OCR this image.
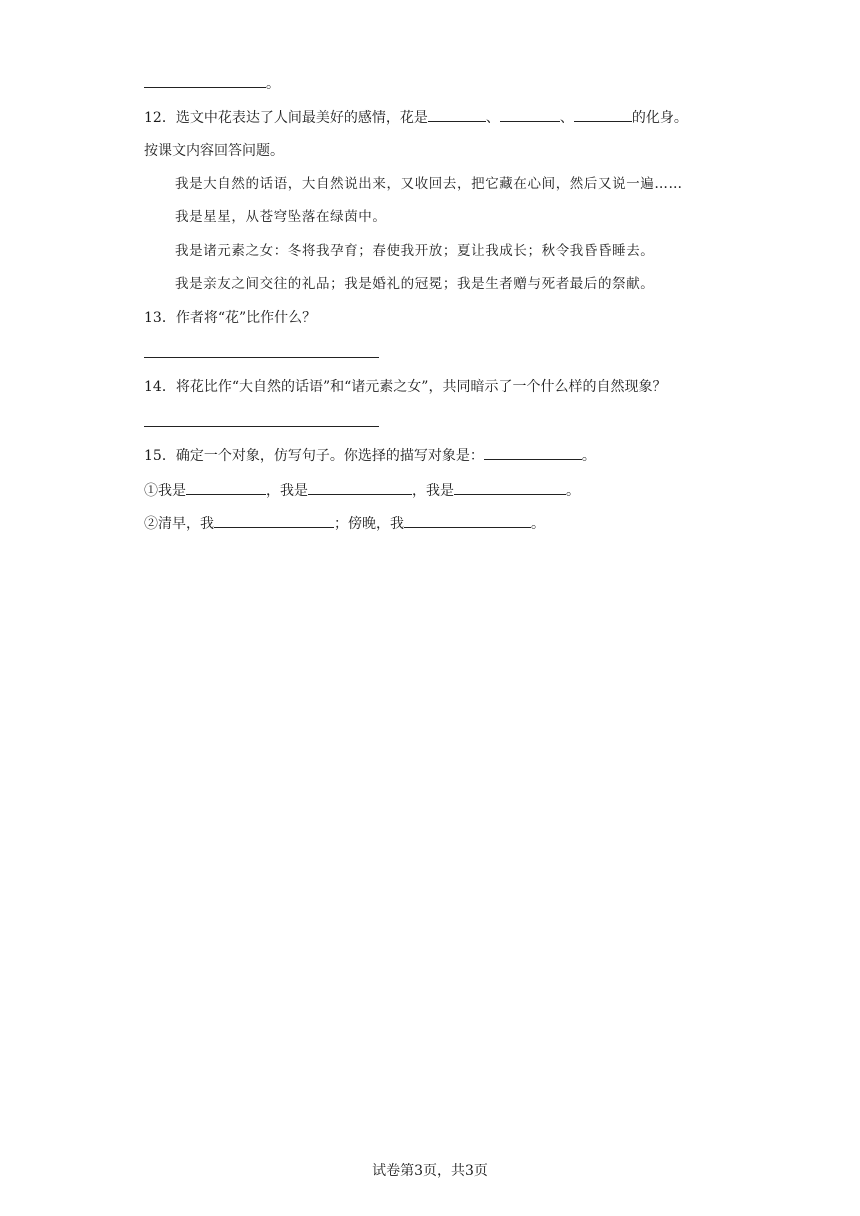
。
12．选文中花表达了人间最美好的感情，花是	、	、	的化身。
按课文内容回答问题。
我是大自然的话语，大自然说出来，又收回去，把它藏在心间，然后又说一遍……
我是星星，从苍穹坠落在绿茵中。
我是诸元素之女：冬将我孕育；春使我开放；夏让我成长；秋令我昏昏睡去。
我是亲友之间交往的礼品；我是婚礼的冠冕；我是生者赠与死者最后的祭献。
13．作者将“花”比作什么？
14．将花比作“大自然的话语”和“诸元素之女”，共同暗示了一个什么样的自然现象？
15．确定一个对象，仿写句子。你选择的描写对象是：	。
①我是	，我是	，我是	。
②清早，我	；傍晚，我	。
试卷第3页，共3页
